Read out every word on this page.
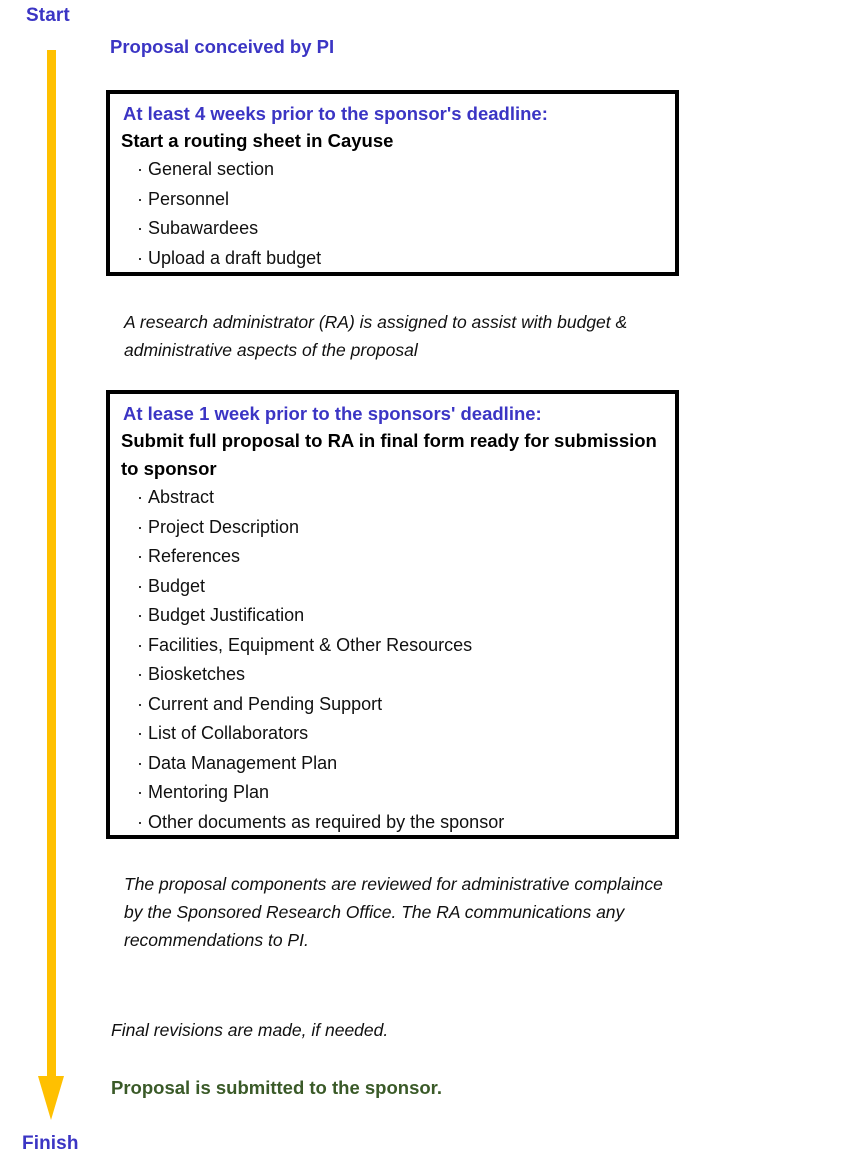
Start
Proposal conceived by PI
At least 4 weeks prior to the sponsor's deadline:
Start a routing sheet in Cayuse
· General section
· Personnel
· Subawardees
· Upload a draft budget
A research administrator (RA) is assigned to assist with budget & administrative aspects of the proposal
At lease 1 week prior to the sponsors' deadline:
Submit full proposal to RA in final form ready for submission to sponsor
· Abstract
· Project Description
· References
· Budget
· Budget Justification
· Facilities, Equipment & Other Resources
· Biosketches
· Current and Pending Support
· List of Collaborators
· Data Management Plan
· Mentoring Plan
· Other documents as required by the sponsor
The proposal components are reviewed for administrative complaince by the Sponsored Research Office. The RA communications any recommendations to PI.
Final revisions are made, if needed.
Proposal is submitted to the sponsor.
Finish
